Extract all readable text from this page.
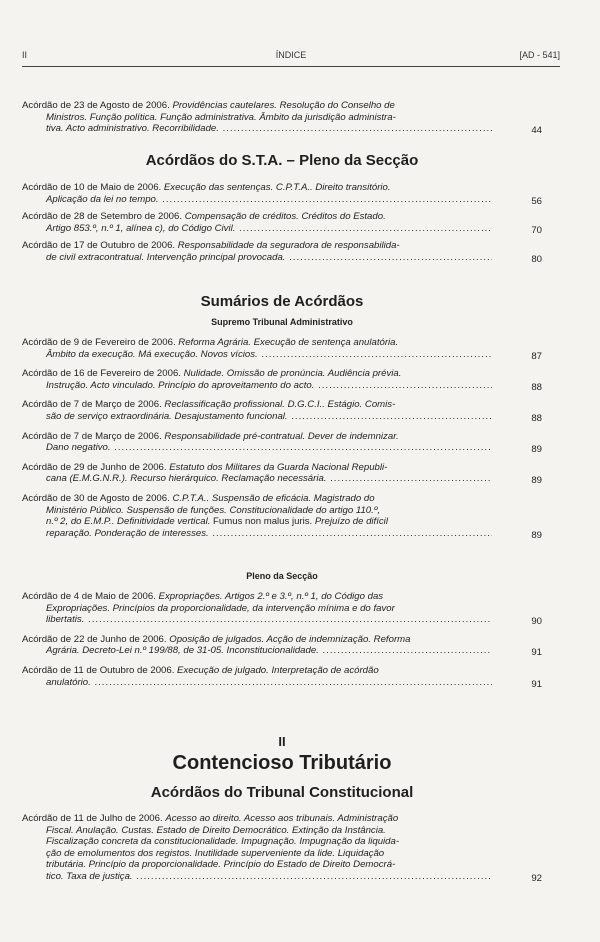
II	ÍNDICE	[AD - 541]
Acórdão de 23 de Agosto de 2006. Providências cautelares. Resolução do Conselho de
Ministros. Função política. Função administrativa. Âmbito da jurisdição administra-
tiva. Acto administrativo. Recorribilidade. .....	44
Acórdãos do S.T.A. – Pleno da Secção
Acórdão de 10 de Maio de 2006. Execução das sentenças. C.P.T.A.. Direito transitório.
Aplicação da lei no tempo. .....	56
Acórdão de 28 de Setembro de 2006. Compensação de créditos. Créditos do Estado.
Artigo 853.º, n.º 1, alínea c), do Código Civil. .....	70
Acórdão de 17 de Outubro de 2006. Responsabilidade da seguradora de responsabilida-
de civil extracontratual. Intervenção principal provocada. .....	80
Sumários de Acórdãos
Supremo Tribunal Administrativo
Acórdão de 9 de Fevereiro de 2006. Reforma Agrária. Execução de sentença anulatória.
Âmbito da execução. Má execução. Novos vícios. .....	87
Acórdão de 16 de Fevereiro de 2006. Nulidade. Omissão de pronúncia. Audiência prévia.
Instrução. Acto vinculado. Princípio do aproveitamento do acto. .....	88
Acórdão de 7 de Março de 2006. Reclassificação profissional. D.G.C.I.. Estágio. Comis-
são de serviço extraordinária. Desajustamento funcional. .....	88
Acórdão de 7 de Março de 2006. Responsabilidade pré-contratual. Dever de indemnizar.
Dano negativo. .....	89
Acórdão de 29 de Junho de 2006. Estatuto dos Militares da Guarda Nacional Republi-
cana (E.M.G.N.R.). Recurso hierárquico. Reclamação necessária. .....	89
Acórdão de 30 de Agosto de 2006. C.P.T.A.. Suspensão de eficácia. Magistrado do
Ministério Público. Suspensão de funções. Constitucionalidade do artigo 110.º,
n.º 2, do E.M.P.. Definitividade vertical. Fumus non malus juris. Prejuízo de difícil
reparação. Ponderação de interesses. .....	89
Pleno da Secção
Acórdão de 4 de Maio de 2006. Expropriações. Artigos 2.º e 3.º, n.º 1, do Código das
Expropriações. Princípios da proporcionalidade, da intervenção mínima e do favor
libertatis. .....	90
Acórdão de 22 de Junho de 2006. Oposição de julgados. Acção de indemnização. Reforma
Agrária. Decreto-Lei n.º 199/88, de 31-05. Inconstitucionalidade. .....	91
Acórdão de 11 de Outubro de 2006. Execução de julgado. Interpretação de acórdão
anulatório. .....	91
II
Contencioso Tributário
Acórdãos do Tribunal Constitucional
Acórdão de 11 de Julho de 2006. Acesso ao direito. Acesso aos tribunais. Administração
Fiscal. Anulação. Custas. Estado de Direito Democrático. Extinção da Instância.
Fiscalização concreta da constitucionalidade. Impugnação. Impugnação da liquida-
ção de emolumentos dos registos. Inutilidade superveniente da lide. Liquidação
tributária. Princípio da proporcionalidade. Princípio do Estado de Direito Democrá-
tico. Taxa de justiça. .....	92
